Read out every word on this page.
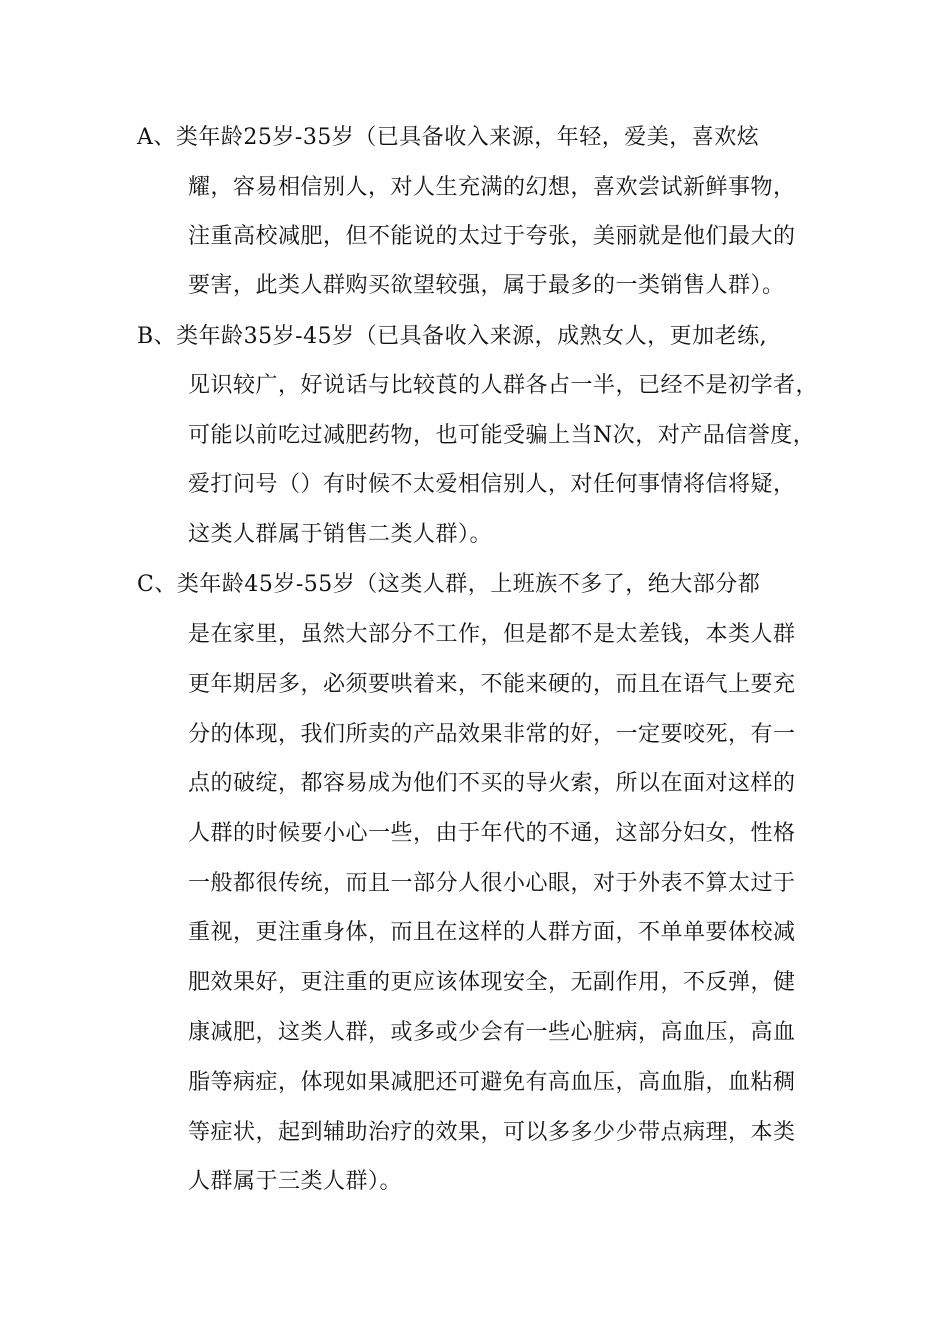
A、类年龄25岁-35岁（已具备收入来源，年轻，爱美，喜欢炫
耀，容易相信别人，对人生充满的幻想，喜欢尝试新鲜事物，
注重高校减肥，但不能说的太过于夸张，美丽就是他们最大的
要害，此类人群购买欲望较强，属于最多的一类销售人群）。
B、类年龄35岁-45岁（已具备收入来源，成熟女人，更加老练,
见识较广，好说话与比较莨的人群各占一半，已经不是初学者，
可能以前吃过减肥药物，也可能受骗上当N次，对产品信誉度，
爱打问号（）有时候不太爱相信别人，对任何事情将信将疑，
这类人群属于销售二类人群）。
C、类年龄45岁-55岁（这类人群，上班族不多了，绝大部分都
是在家里，虽然大部分不工作，但是都不是太差钱，本类人群
更年期居多，必须要哄着来，不能来硬的，而且在语气上要充
分的体现，我们所卖的产品效果非常的好，一定要咬死，有一
点的破绽，都容易成为他们不买的导火索，所以在面对这样的
人群的时候要小心一些，由于年代的不通，这部分妇女，性格
一般都很传统，而且一部分人很小心眼，对于外表不算太过于
重视，更注重身体，而且在这样的人群方面，不单单要体校减
肥效果好，更注重的更应该体现安全，无副作用，不反弹，健
康减肥，这类人群，或多或少会有一些心脏病，高血压，高血
脂等病症，体现如果减肥还可避免有高血压，高血脂，血粘稠
等症状，起到辅助治疗的效果，可以多多少少带点病理，本类
人群属于三类人群）。
